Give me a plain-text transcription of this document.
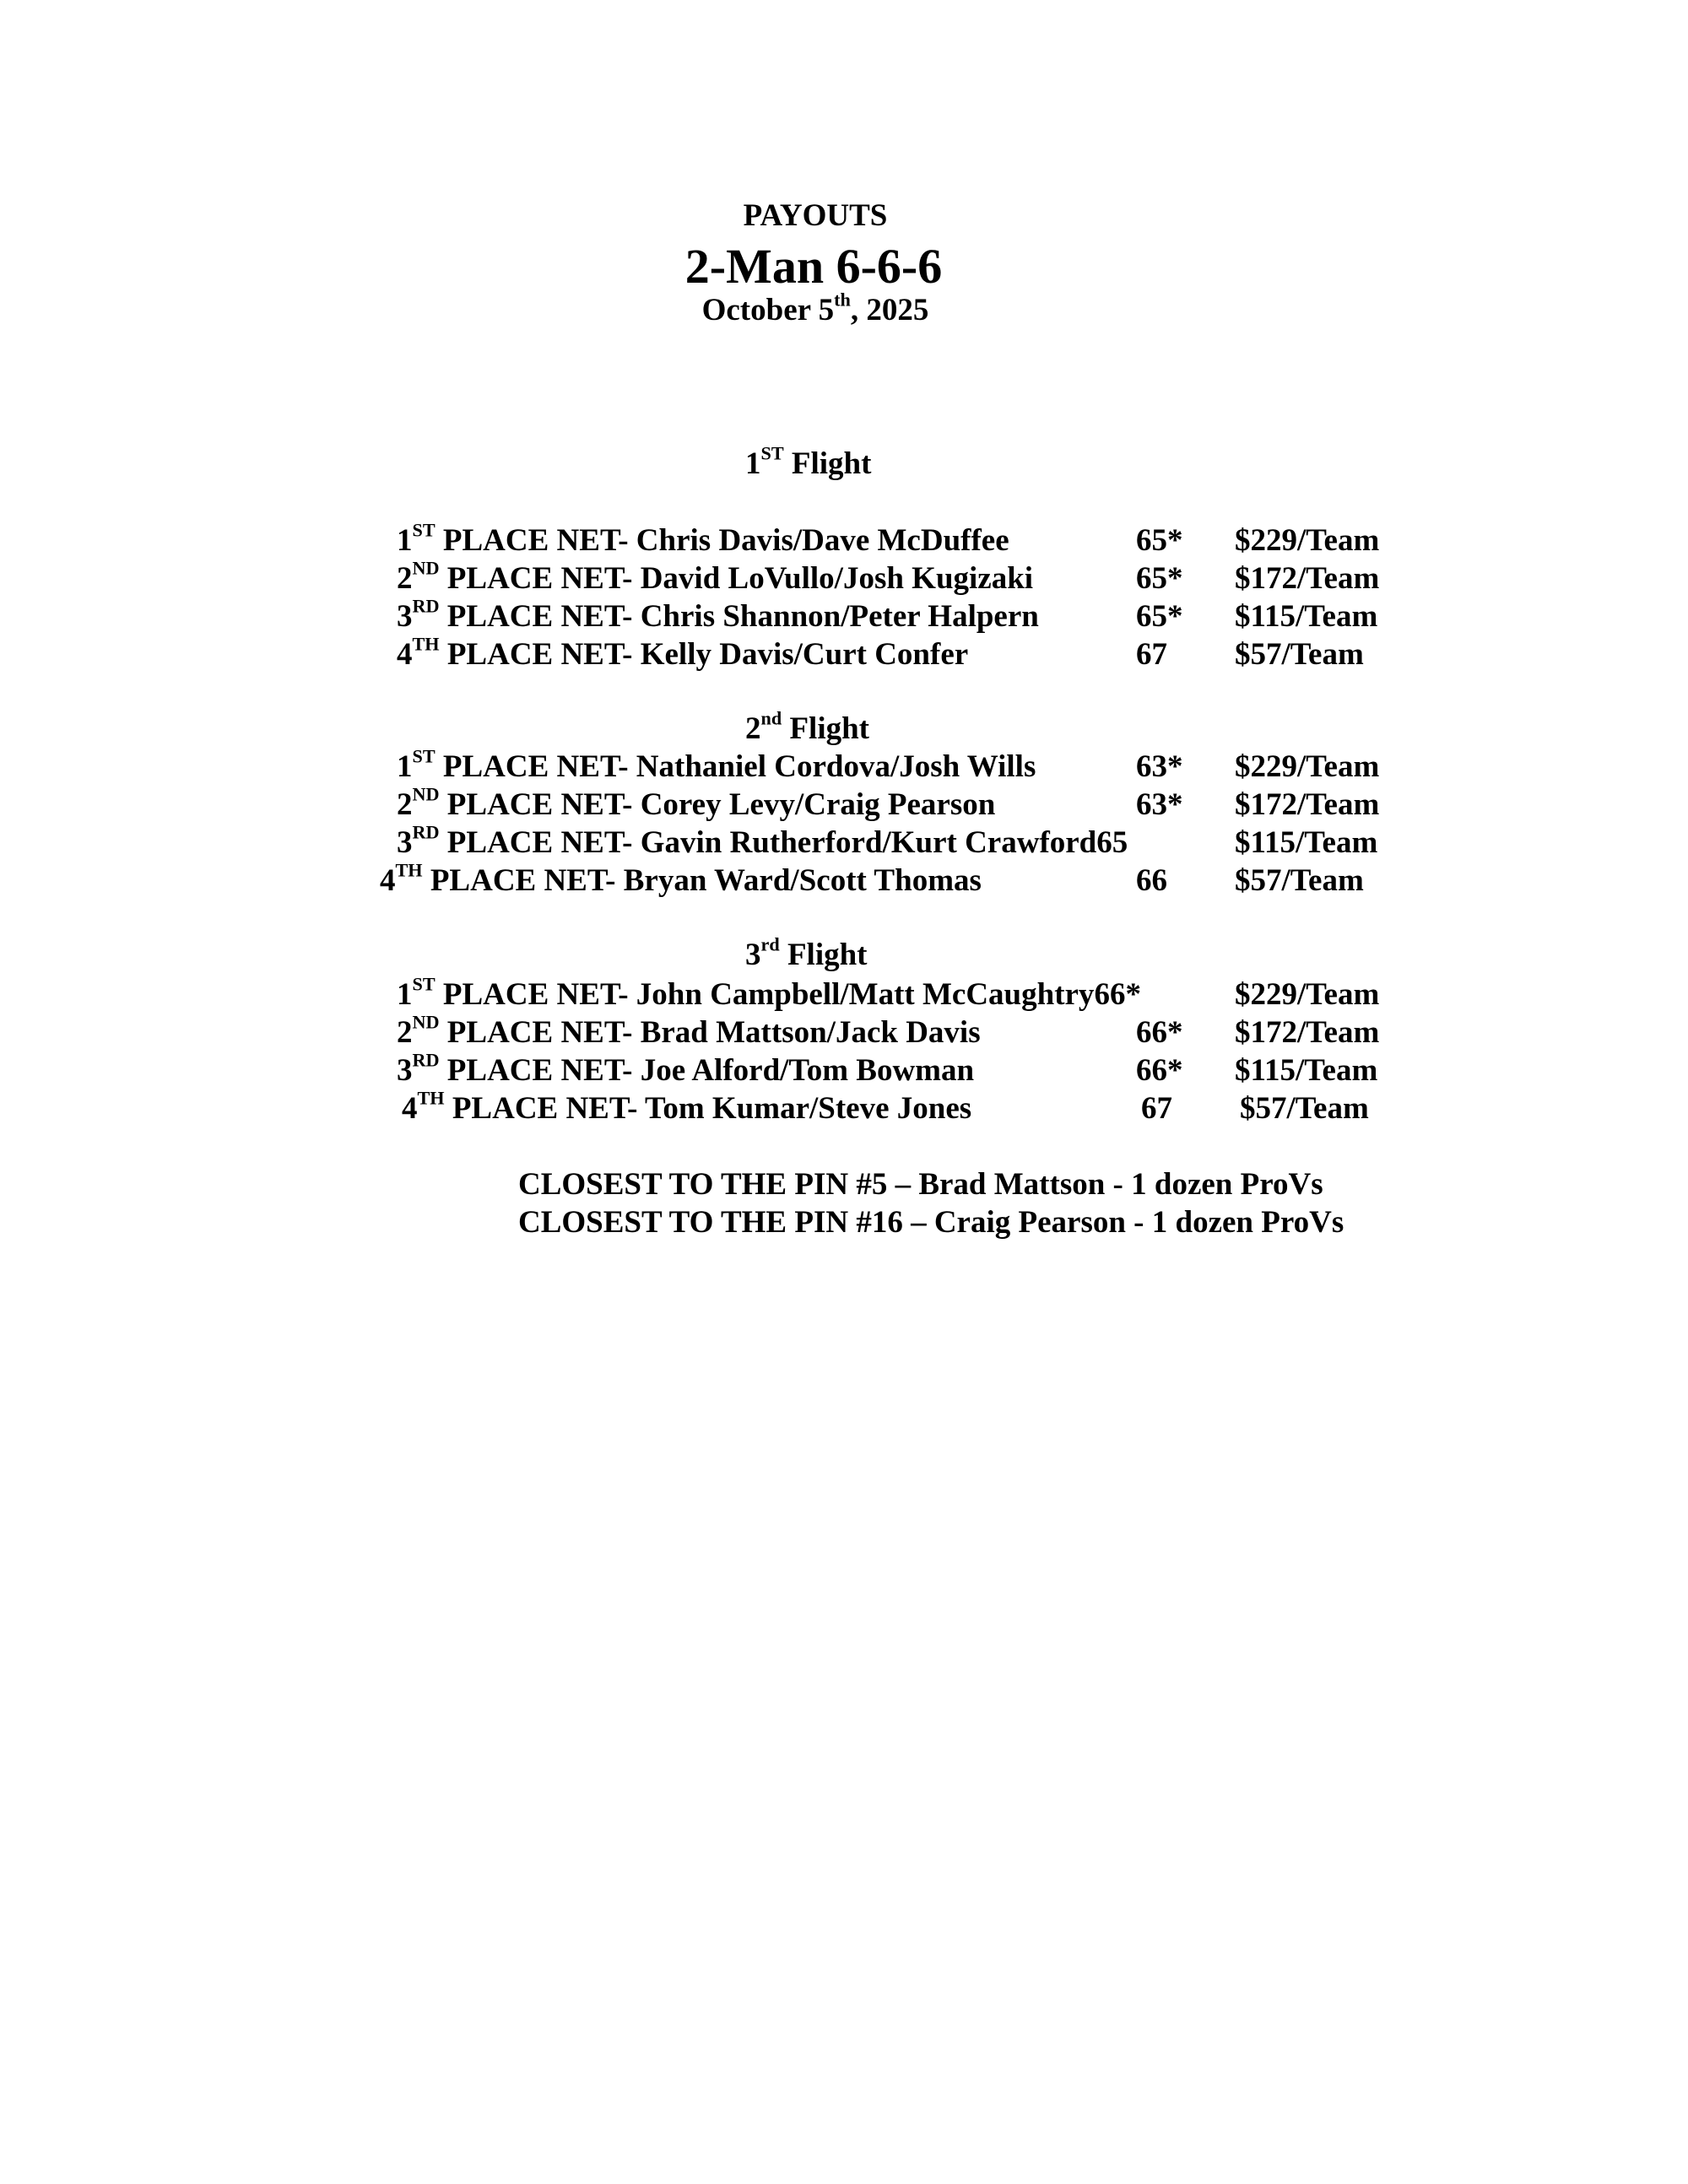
PAYOUTS
2-Man 6-6-6
October 5th, 2025
1ST Flight
1ST PLACE NET- Chris Davis/Dave McDuffee	65* $229/Team
2ND PLACE NET- David LoVullo/Josh Kugizaki	65* $172/Team
3RD PLACE NET- Chris Shannon/Peter Halpern	65* $115/Team
4TH PLACE NET- Kelly Davis/Curt Confer	67 $57/Team
2nd Flight
1ST PLACE NET- Nathaniel Cordova/Josh Wills	63* $229/Team
2ND PLACE NET- Corey Levy/Craig Pearson	63* $172/Team
3RD PLACE NET- Gavin Rutherford/Kurt Crawford65	$115/Team
4TH PLACE NET- Bryan Ward/Scott Thomas	66 $57/Team
3rd Flight
1ST PLACE NET- John Campbell/Matt McCaughtry66*	$229/Team
2ND PLACE NET- Brad Mattson/Jack Davis	66* $172/Team
3RD PLACE NET- Joe Alford/Tom Bowman	66* $115/Team
4TH PLACE NET- Tom Kumar/Steve Jones	67 $57/Team
CLOSEST TO THE PIN #5 – Brad Mattson - 1 dozen ProVs
CLOSEST TO THE PIN #16 – Craig Pearson - 1 dozen ProVs
